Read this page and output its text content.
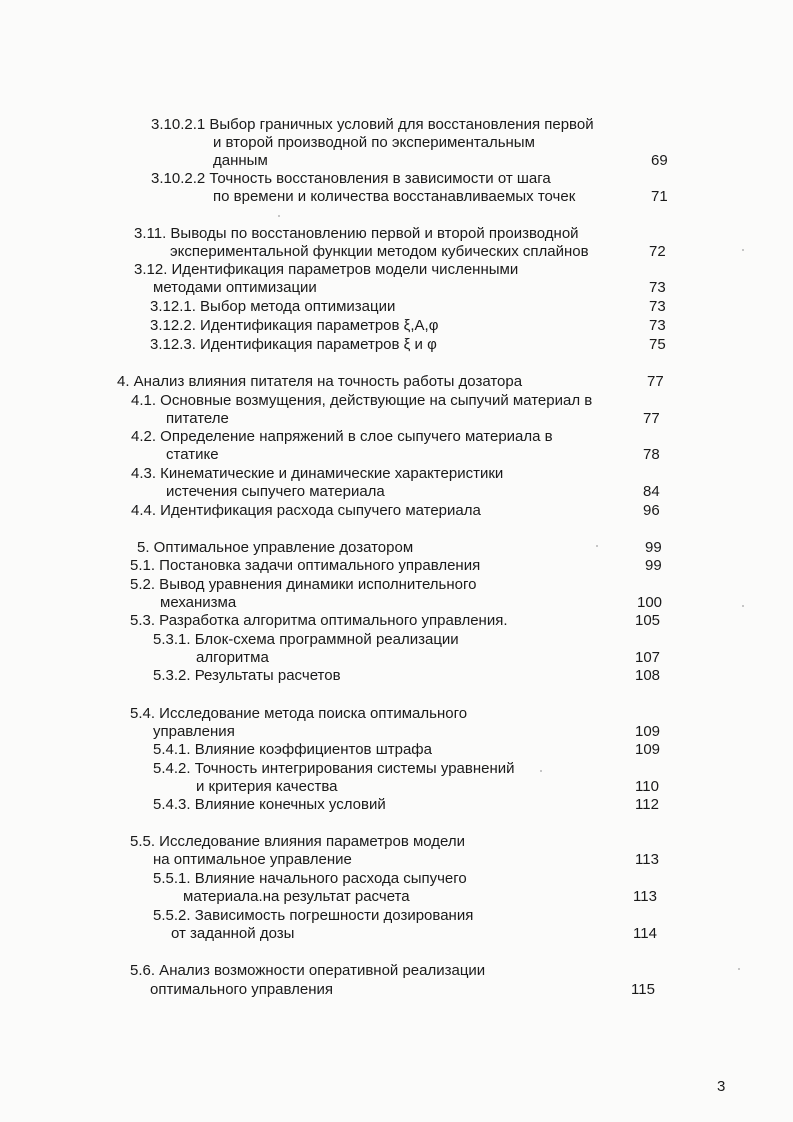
3.10.2.1 Выбор граничных условий для восстановления первой
и второй производной по экспериментальным
данным	69
3.10.2.2 Точность восстановления в зависимости от шага
по времени и количества восстанавливаемых точек	71
3.11. Выводы по восстановлению первой и второй производной
экспериментальной функции методом кубических сплайнов	72
3.12. Идентификация параметров модели численными
методами оптимизации	73
3.12.1. Выбор метода оптимизации	73
3.12.2. Идентификация параметров ξ,А,φ	73
3.12.3. Идентификация параметров ξ и φ	75
4. Анализ влияния питателя на точность работы дозатора	77
4.1. Основные возмущения, действующие на сыпучий материал в
питателе	77
4.2. Определение напряжений в слое сыпучего материала в
статике	78
4.3. Кинематические и динамические характеристики
истечения сыпучего материала	84
4.4. Идентификация расхода сыпучего материала	96
5. Оптимальное управление дозатором	99
5.1. Постановка задачи оптимального управления	99
5.2. Вывод уравнения динамики исполнительного
механизма	100
5.3. Разработка алгоритма оптимального управления.	105
5.3.1. Блок-схема программной реализации
алгоритма	107
5.3.2. Результаты расчетов	108
5.4. Исследование метода поиска оптимального
управления	109
5.4.1. Влияние коэффициентов штрафа	109
5.4.2. Точность интегрирования системы уравнений
и критерия качества	110
5.4.3. Влияние конечных условий	112
5.5. Исследование влияния параметров модели
на оптимальное управление	113
5.5.1. Влияние начального расхода сыпучего
материала.на результат расчета	113
5.5.2. Зависимость погрешности дозирования
от заданной дозы	114
5.6. Анализ возможности оперативной реализации
оптимального управления	115
3
